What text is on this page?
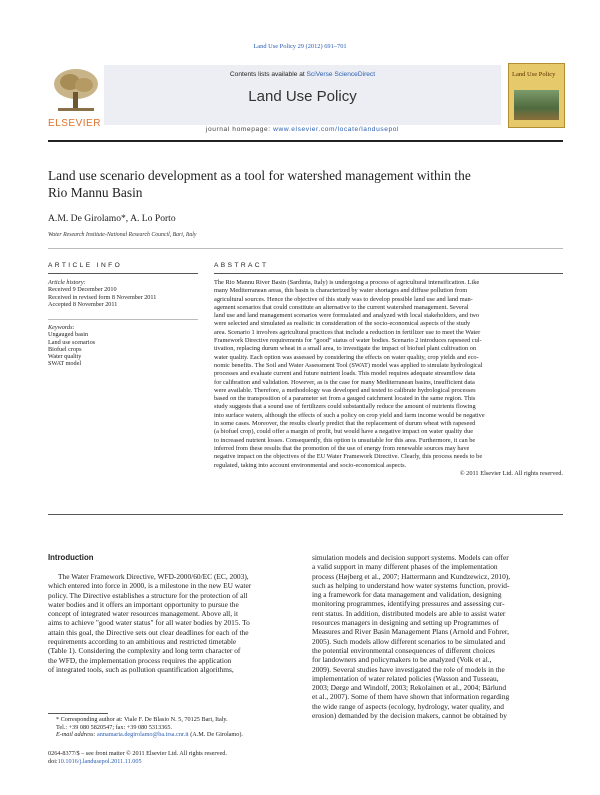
Land Use Policy 29 (2012) 691–701
Contents lists available at SciVerse ScienceDirect
Land Use Policy
journal homepage: www.elsevier.com/locate/landusepol
ELSEVIER
Land Use Policy
Land use scenario development as a tool for watershed management within the
Rio Mannu Basin
A.M. De Girolamo*, A. Lo Porto
Water Research Institute-National Research Council, Bari, Italy
ARTICLE INFO	ABSTRACT
Article history:
Received 9 December 2010
Received in revised form 8 November 2011
Accepted 8 November 2011
Keywords:
Ungauged basin
Land use scenarios
Biofuel crops
Water quality
SWAT model
The Rio Mannu River Basin (Sardinia, Italy) is undergoing a process of agricultural intensification. Like
many Mediterranean areas, this basin is characterized by water shortages and diffuse pollution from
agricultural sources. Hence the objective of this study was to develop possible land use and land man-
agement scenarios that could constitute an alternative to the current watershed management. Several
land use and land management scenarios were formulated and analyzed with local stakeholders, and two
were selected and simulated as realistic in consideration of the socio-economical aspects of the study
area. Scenario 1 involves agricultural practices that include a reduction in fertilizer use to meet the Water
Framework Directive requirements for "good" status of water bodies. Scenario 2 introduces rapeseed cul-
tivation, replacing durum wheat in a small area, to investigate the impact of biofuel plant cultivation on
water quality. Each option was assessed by considering the effects on water quality, crop yields and eco-
nomic benefits. The Soil and Water Assessment Tool (SWAT) model was applied to simulate hydrological
processes and evaluate current and future nutrient loads. This model requires adequate streamflow data
for calibration and validation. However, as is the case for many Mediterranean basins, insufficient data
were available. Therefore, a methodology was developed and tested to calibrate hydrological processes
based on the transposition of a parameter set from a gauged catchment located in the same region. This
study suggests that a sound use of fertilizers could substantially reduce the amount of nutrients flowing
into surface waters, although the effects of such a policy on crop yield and farm income would be negative
in some cases. Moreover, the results clearly predict that the replacement of durum wheat with rapeseed
(a biofuel crop), could offer a margin of profit, but would have a negative impact on water quality due
to increased nutrient losses. Consequently, this option is unsuitable for this area. Furthermore, it can be
inferred from these results that the promotion of the use of energy from renewable sources may have
negative impact on the objectives of the EU Water Framework Directive. Clearly, this process needs to be
regulated, taking into account environmental and socio-economical aspects.
© 2011 Elsevier Ltd. All rights reserved.
Introduction
The Water Framework Directive, WFD-2000/60/EC (EC, 2003),
which entered into force in 2000, is a milestone in the new EU water
policy. The Directive establishes a structure for the protection of all
water bodies and it offers an important opportunity to pursue the
concept of integrated water resources management. Above all, it
aims to achieve "good water status" for all water bodies by 2015. To
attain this goal, the Directive sets out clear deadlines for each of the
requirements according to an ambitious and restricted timetable
(Table 1). Considering the complexity and long term character of
the WFD, the implementation process requires the application
of integrated tools, such as pollution quantification algorithms,
simulation models and decision support systems. Models can offer
a valid support in many different phases of the implementation
process (Højberg et al., 2007; Hattermann and Kundzewicz, 2010),
such as helping to understand how water systems function, provid-
ing a framework for data management and validation, designing
monitoring programmes, identifying pressures and assessing cur-
rent status. In addition, distributed models are able to assist water
resources managers in designing and setting up Programmes of
Measures and River Basin Management Plans (Arnold and Fohrer,
2005). Such models allow different scenarios to be simulated and
the potential environmental consequences of different choices
for landowners and policymakers to be analyzed (Volk et al.,
2009). Several studies have investigated the role of models in the
implementation of water related policies (Wasson and Tusseau,
2003; Dørge and Windolf, 2003; Rekolainen et al., 2004; Bärlund
et al., 2007). Some of them have shown that information regarding
the wide range of aspects (ecology, hydrology, water quality, and
erosion) demanded by the decision makers, cannot be obtained by
* Corresponding author at: Viale F. De Blasio N. 5, 70125 Bari, Italy.
Tel.: +39 080 5820547; fax: +39 080 5313365.
E-mail address: annamaria.degirolamo@ba.irsa.cnr.it (A.M. De Girolamo).
0264-8377/$ – see front matter © 2011 Elsevier Ltd. All rights reserved.
doi:10.1016/j.landusepol.2011.11.005
